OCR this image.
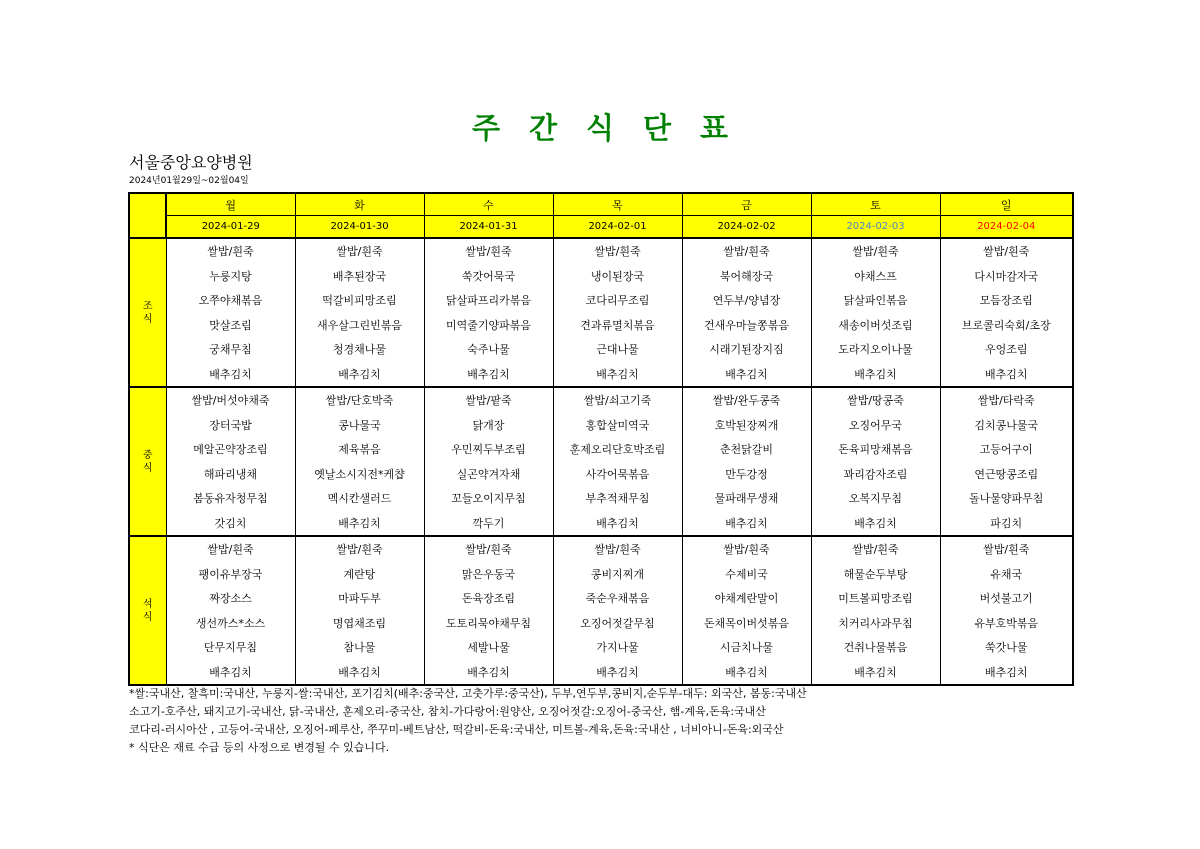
주간식단표
서울중앙요양병원
2024년01월29일~02월04일
	월	화	수	목	금	토	일
	2024-01-29	2024-01-30	2024-01-31	2024-02-01	2024-02-02	2024-02-03	2024-02-04
조식	쌀밥/흰죽	쌀밥/흰죽	쌀밥/흰죽	쌀밥/흰죽	쌀밥/흰죽	쌀밥/흰죽	쌀밥/흰죽
	누룽지탕	배추된장국	쑥갓어묵국	냉이된장국	북어해장국	야채스프	다시마감자국
	오쭈야채볶음	떡갈비피망조림	닭살파프리카볶음	코다리무조림	연두부/양념장	닭살파인볶음	모듬장조림
	맛살조림	새우살그린빈볶음	미역줄기양파볶음	견과류멸치볶음	건새우마늘쫑볶음	새송이버섯조림	브로콜리숙회/초장
	궁채무침	청경채나물	숙주나물	근대나물	시래기된장지짐	도라지오이나물	우엉조림
	배추김치	배추김치	배추김치	배추김치	배추김치	배추김치	배추김치
중식	쌀밥/버섯야채죽	쌀밥/단호박죽	쌀밥/팥죽	쌀밥/쇠고기죽	쌀밥/완두콩죽	쌀밥/땅콩죽	쌀밥/타락죽
	장터국밥	콩나물국	닭개장	홍합살미역국	호박된장찌개	오징어무국	김치콩나물국
	메알곤약장조림	제육볶음	우민찌두부조림	훈제오리단호박조림	춘천닭갈비	돈육피망채볶음	고등어구이
	해파리냉채	옛날소시지전*케챱	실곤약겨자채	사각어묵볶음	만두강정	꽈리감자조림	연근땅콩조림
	봄동유자청무침	멕시칸샐러드	꼬들오이지무침	부추적채무침	물파래무생채	오복지무침	돌나물양파무침
	갓김치	배추김치	깍두기	배추김치	배추김치	배추김치	파김치
석식	쌀밥/흰죽	쌀밥/흰죽	쌀밥/흰죽	쌀밥/흰죽	쌀밥/흰죽	쌀밥/흰죽	쌀밥/흰죽
	팽이유부장국	계란탕	맑은우동국	콩비지찌개	수제비국	해물순두부탕	유채국
	짜장소스	마파두부	돈육장조림	죽순우채볶음	야채계란말이	미트볼피망조림	버섯불고기
	생선까스*소스	명엽채조림	도토리묵야채무침	오징어젓갈무침	돈채목이버섯볶음	치커리사과무침	유부호박볶음
	단무지무침	참나물	세발나물	가지나물	시금치나물	건취나물볶음	쑥갓나물
	배추김치	배추김치	배추김치	배추김치	배추김치	배추김치	배추김치
*쌀:국내산, 찰흑미:국내산, 누룽지-쌀:국내산, 포기김치(배추:중국산, 고춧가루:중국산), 두부,연두부,콩비지,순두부-대두: 외국산, 봄동:국내산
소고기-호주산, 돼지고기-국내산, 닭-국내산, 훈제오리-중국산, 참치-가다랑어:원양산, 오징어젓갈:오징어-중국산, 햄-계육,돈육:국내산
코다리-러시아산 , 고등어-국내산, 오징어-페루산, 쭈꾸미-베트남산, 떡갈비-돈육:국내산, 미트볼-계육,돈육:국내산 , 너비아니-돈육:외국산
* 식단은 재료 수급 등의 사정으로 변경될 수 있습니다.
